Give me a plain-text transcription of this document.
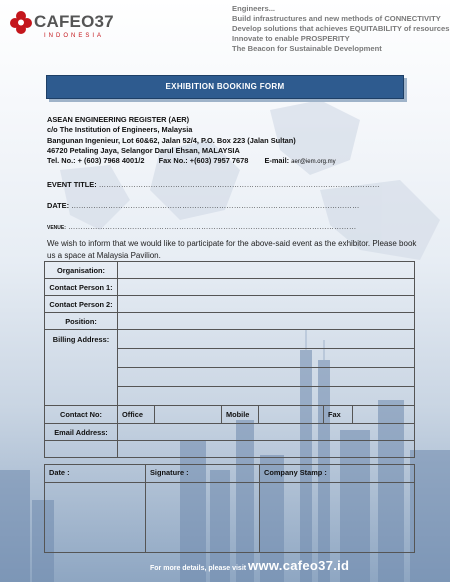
CAFEO37
INDONESIA
Engineers...
Build infrastructures and new methods of CONNECTIVITY
Develop solutions that achieves EQUITABILITY of resources
Innovate to enable PROSPERITY
The Beacon for Sustainable Development
EXHIBITION BOOKING FORM
ASEAN ENGINEERING REGISTER (AER)
c/o The Institution of Engineers, Malaysia
Bangunan Ingenieur, Lot 60&62, Jalan 52/4, P.O. Box 223 (Jalan Sultan)
46720 Petaling Jaya, Selangor Darul Ehsan, MALAYSIA
Tel. No.: + (603) 7968 4001/2 Fax No.: +(603) 7957 7678 E-mail: aer@iem.org.my
EVENT TITLE: ……………………………………………………………………………………………………
DATE: ………………………………………………………………………………………………………
VENUE: ………………………………………………………………………………………………………
We wish to inform that we would like to participate for the above-said event as the exhibitor. Please book us a space at Malaysia Pavilion.
Organisation:						
Contact Person 1:						
Contact Person 2:						
Position:						
Billing Address:						

Contact No:	Office		Mobile		Fax	
Email Address:						

Date :	Signature :	Company Stamp :

For more details, please visit www.cafeo37.id
